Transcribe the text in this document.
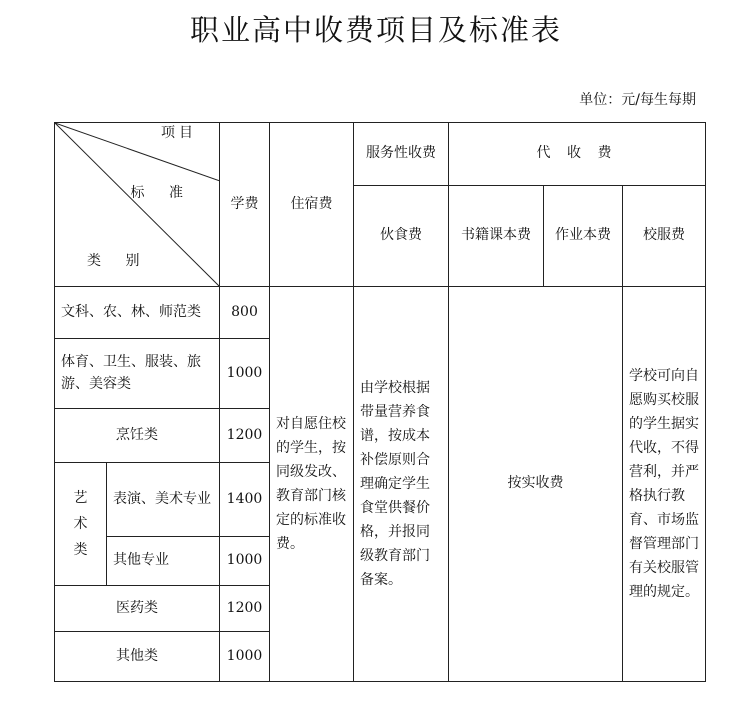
职业高中收费项目及标准表
单位：元/每生每期
项目
标 准
类 别		学费	住宿费	服务性收费	代 收 费		
				伙食费	书籍课本费	作业本费	校服费
文科、农、林、师范类		800	对自愿住校的学生，按同级发改、教育部门核定的标准收费。	由学校根据带量营养食谱，按成本补偿原则合理确定学生食堂供餐价格，并报同级教育部门备案。	按实收费		学校可向自愿购买校服的学生据实代收，不得营利，并严格执行教育、市场监督管理部门有关校服管理的规定。
体育、卫生、服装、旅游、美容类		1000					
烹饪类		1200					
艺术类	表演、美术专业	1400					
	其他专业	1000					
医药类		1200					
其他类		1000					
